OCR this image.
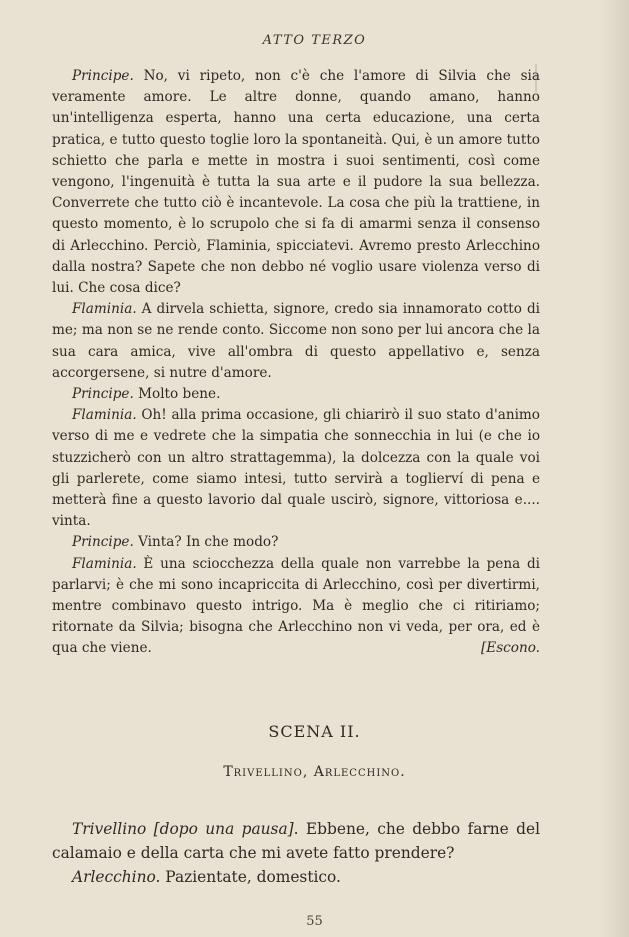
ATTO TERZO

Principe. No, vi ripeto, non c'è che l'amore di Silvia che sia veramente amore. Le altre donne, quando amano, hanno un'intelligenza esperta, hanno una certa educazione, una certa pratica, e tutto questo toglie loro la spontaneità. Qui, è un amore tutto schietto che parla e mette in mostra i suoi sentimenti, così come vengono, l'ingenuità è tutta la sua arte e il pudore la sua bellezza. Converrete che tutto ciò è incantevole. La cosa che più la trattiene, in questo momento, è lo scrupolo che si fa di amarmi senza il consenso di Arlecchino. Perciò, Flaminia, spicciatevi. Avremo presto Arlecchino dalla nostra? Sapete che non debbo né voglio usare violenza verso di lui. Che cosa dice?

Flaminia. A dirvela schietta, signore, credo sia innamorato cotto di me; ma non se ne rende conto. Siccome non sono per lui ancora che la sua cara amica, vive all'ombra di questo appellativo e, senza accorgersene, si nutre d'amore.

Principe. Molto bene.

Flaminia. Oh! alla prima occasione, gli chiarirò il suo stato d'animo verso di me e vedrete che la simpatia che sonnecchia in lui (e che io stuzzicherò con un altro strattagemma), la dolcezza con la quale voi gli parlerete, come siamo intesi, tutto servirà a toglierví di pena e metterà fine a questo lavorio dal quale uscirò, signore, vittoriosa e.... vinta.

Principe. Vinta? In che modo?

Flaminia. È una sciocchezza della quale non varrebbe la pena di parlarvi; è che mi sono incapriccita di Arlecchino, così per divertirmi, mentre combinavo questo intrigo. Ma è meglio che ci ritiriamo; ritornate da Silvia; bisogna che Arlecchino non vi veda, per ora, ed è qua che viene.	[Escono.

SCENA II.
Trivellino, Arlecchino.

Trivellino [dopo una pausa]. Ebbene, che debbo farne del calamaio e della carta che mi avete fatto prendere?

Arlecchino. Pazientate, domestico.

55
